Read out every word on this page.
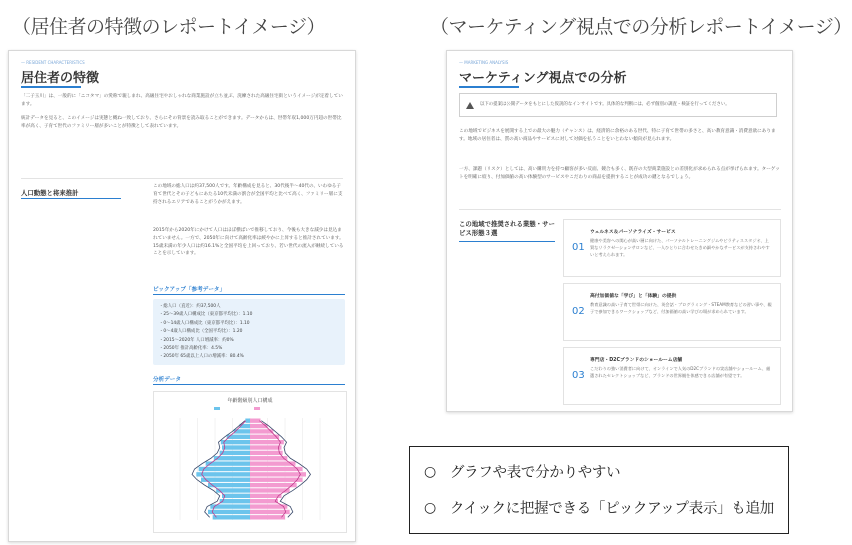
（居住者の特徴のレポートイメージ）	（マーケティング視点での分析レポートイメージ）
— RESIDENT CHARACTERISTICS
居住者の特徴
「二子玉川」は、一般的に「ニコタマ」の愛称で親しまれ、高級住宅やおしゃれな商業施設が立ち並ぶ、洗練された高級住宅街というイメージが定着しています。
統計データを見ると、このイメージは実態と概ね一致しており、さらにその背景を読み取ることができます。データからは、世帯年収1,000万円超の世帯比率が高く、子育て世代のファミリー層が多いことが特徴として表れています。
人口動態と将来推計
この地域の総人口は約37,500人です。年齢構成を見ると、30代後半〜40代の、いわゆる子育て世代とその子どもにあたる10代未満の割合が全国平均と比べて高く、ファミリー層に支持されるエリアであることがうかがえます。
2015年から2020年にかけて人口はほぼ横ばいで推移しており、今後も大きな減少は見込まれていません。一方で、2050年に向けて高齢化率は緩やかに上昇すると推計されています。15歳未満の年少人口は約16.1%と全国平均を上回っており、若い世代の流入が継続していることを示しています。
ピックアップ「参考データ」
・総人口（直近）：約37,500人
・25〜39歳人口構成比（東京都平均比）：1.10
・0〜14歳人口構成比（東京都平均比）：1.10
・0〜4歳人口構成比（全国平均比）：1.20
・2015〜2020年 人口増減率：約0%
・2050年 推計高齢化率：4.5%
・2050年 65歳以上人口の増減率：80.4%
分析データ
年齢階級別人口構成
— MARKETING ANALYSIS
マーケティング視点での分析
以下の提案は公開データをもとにした仮説的なインサイトです。具体的な判断には、必ず個別の調査・検証を行ってください。
この地域でビジネスを展開する上での最大の魅力（チャンス）は、経済的に余裕のある世代、特に子育て世帯の多さと、高い教育意識・消費意欲にあります。地域の居住者は、質の高い商品やサービスに対して対価を払うことをいとわない傾向が見られます。
一方、課題（リスク）としては、高い購買力を持つ顧客が多い反面、競合も多く、既存の大型商業施設との差別化が求められる点が挙げられます。ターゲットを明確に絞り、付加価値の高い体験型のサービスやこだわりの商品を提供することが成功の鍵となるでしょう。
この地域で推奨される業態・サービス形態３選
01
ウェルネス＆パーソナライズ・サービス
健康や美容への関心が高い層に向けた、パーソナルトレーニングジムやピラティススタジオ、上質なリラクゼーションサロンなど、一人ひとりに合わせたきめ細やかなサービスが支持されやすいと考えられます。
02
高付加価値な「学び」と「体験」の提供
教育意識の高い子育て世帯に向けた、英会話・プログラミング・STEAM教育などの習い事や、親子で参加できるワークショップなど、付加価値の高い学びの場が求められています。
03
専門店・D2Cブランドのショールーム店舗
こだわりの強い消費者に向けて、オンラインで人気のD2Cブランドの実店舗やショールーム、厳選されたセレクトショップなど、ブランドの世界観を体感できる店舗が有望です。
○ グラフや表で分かりやすい
○ クイックに把握できる「ピックアップ表示」も追加
